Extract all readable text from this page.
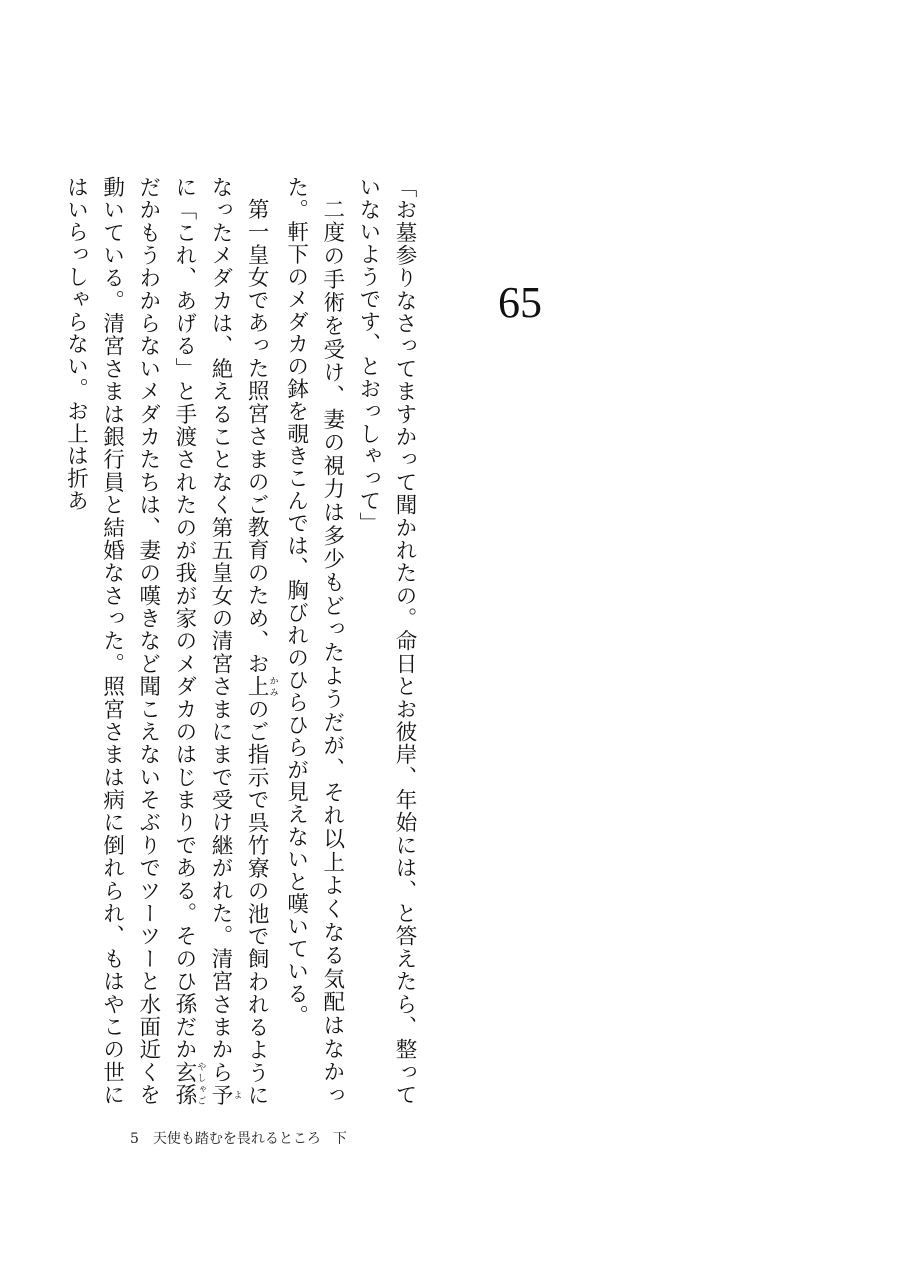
65

「お墓参りなさってますかって聞かれたの。命日とお彼岸、年始には、と答えたら、整っていないようです、とおっしゃって」

二度の手術を受け、妻の視力は多少もどったようだが、それ以上よくなる気配はなかった。軒下のメダカの鉢を覗きこんでは、胸びれのひらひらが見えないと嘆いている。

第一皇女であった照宮さまのご教育のため、お上かみのご指示で呉竹寮の池で飼われるようになったメダカは、絶えることなく第五皇女の清宮さまにまで受け継がれた。清宮さまから予よに「これ、あげる」と手渡されたのが我が家のメダカのはじまりである。そのひ孫だか玄孫やしゃごだかもうわからないメダカたちは、妻の嘆きなど聞こえないそぶりでツーツーと水面近くを動いている。清宮さまは銀行員と結婚なさった。照宮さまは病に倒れられ、もはやこの世にはいらっしゃらない。お上は折あ

5 天使も踏むを畏れるところ 下
